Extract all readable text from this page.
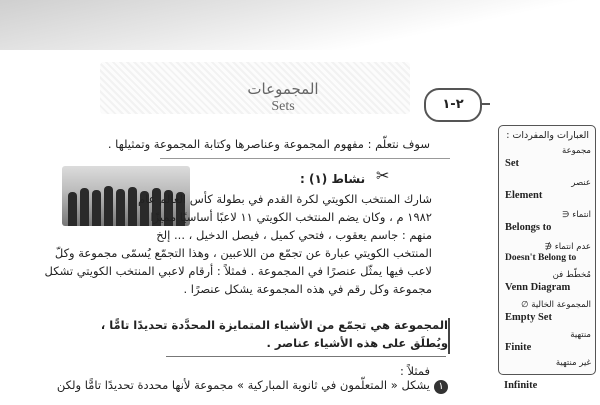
المجموعات
Sets	٢-١
سوف نتعلّم : مفهوم المجموعة وعناصرها وكتابة المجموعة وتمثيلها .
✂
نشاط (١) :
شارك المنتخب الكويتي لكرة القدم في بطولة كأس العالم عام
١٩٨٢ م ، وكان يضم المنتخب الكويتي ١١ لاعبًا أساسيًا مميزًا
منهم : جاسم يعقوب ، فتحي كميل ، فيصل الدخيل ، ... إلخ
المنتخب الكويتي عبارة عن تجمّع من اللاعبين ، وهذا التجمّع يُسمّى مجموعة وكلّ
لاعب فيها يمثّل عنصرًا في المجموعة . فمثلاً : أرقام لاعبي المنتخب الكويتي تشكل
مجموعة وكل رقم في هذه المجموعة يشكل عنصرًا .
المجموعة هي تجمّع من الأشياء المتمايزة المحدَّدة تحديدًا تامًّا ،
ويُطلَق على هذه الأشياء عناصر .
فمثلاً :
١
يشكل « المتعلّمون في ثانوية المباركية » مجموعة لأنها محددة تحديدًا تامًّا ولكن
العبارات والمفردات :
مجموعة
Set
عنصر
Element
انتماء ∈
Belongs to
عدم انتماء ∉
Doesn't Belong to
مُخطّط فن
Venn Diagram
المجموعة الخالية ∅
Empty Set
منتهية
Finite
غير منتهية
Infinite
